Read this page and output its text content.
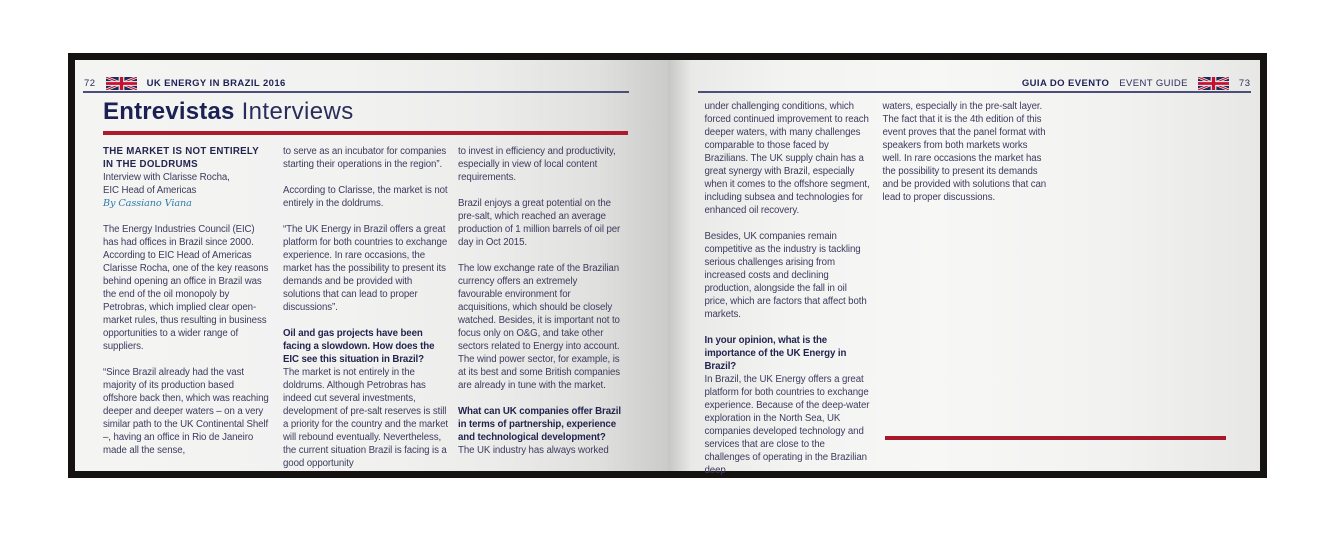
72	UK ENERGY IN BRAZIL 2016
Entrevistas Interviews

THE MARKET IS NOT ENTIRELY IN THE DOLDRUMS

Interview with Clarisse Rocha,

EIC Head of Americas

By Cassiano Viana

The Energy Industries Council (EIC) has had offices in Brazil since 2000. According to EIC Head of Americas Clarisse Rocha, one of the key reasons behind opening an office in Brazil was the end of the oil monopoly by Petrobras, which implied clear open-market rules, thus resulting in business opportunities to a wider range of suppliers.

“Since Brazil already had the vast majority of its production based offshore back then, which was reaching deeper and deeper waters – on a very similar path to the UK Continental Shelf –, having an office in Rio de Janeiro made all the sense,

to serve as an incubator for companies starting their operations in the region”.

According to Clarisse, the market is not entirely in the doldrums.

“The UK Energy in Brazil offers a great platform for both countries to exchange experience. In rare occasions, the market has the possibility to present its demands and be provided with solutions that can lead to proper discussions”.

Oil and gas projects have been facing a slowdown. How does the EIC see this situation in Brazil?

The market is not entirely in the doldrums. Although Petrobras has indeed cut several investments, development of pre-salt reserves is still a priority for the country and the market will rebound eventually. Nevertheless, the current situation Brazil is facing is a good opportunity

to invest in efficiency and productivity, especially in view of local content requirements.

Brazil enjoys a great potential on the pre-salt, which reached an average production of 1 million barrels of oil per day in Oct 2015.

The low exchange rate of the Brazilian currency offers an extremely favourable environment for acquisitions, which should be closely watched. Besides, it is important not to focus only on O&G, and take other sectors related to Energy into account. The wind power sector, for example, is at its best and some British companies are already in tune with the market.

What can UK companies offer Brazil in terms of partnership, experience and technological development?

The UK industry has always worked

GUIA DO EVENTO EVENT GUIDE	73

under challenging conditions, which forced continued improvement to reach deeper waters, with many challenges comparable to those faced by Brazilians. The UK supply chain has a great synergy with Brazil, especially when it comes to the offshore segment, including subsea and technologies for enhanced oil recovery.

Besides, UK companies remain competitive as the industry is tackling serious challenges arising from increased costs and declining production, alongside the fall in oil price, which are factors that affect both markets.

In your opinion, what is the importance of the UK Energy in Brazil?

In Brazil, the UK Energy offers a great platform for both countries to exchange experience. Because of the deep-water exploration in the North Sea, UK companies developed technology and services that are close to the challenges of operating in the Brazilian deep

waters, especially in the pre-salt layer. The fact that it is the 4th edition of this event proves that the panel format with speakers from both markets works well. In rare occasions the market has the possibility to present its demands and be provided with solutions that can lead to proper discussions.
